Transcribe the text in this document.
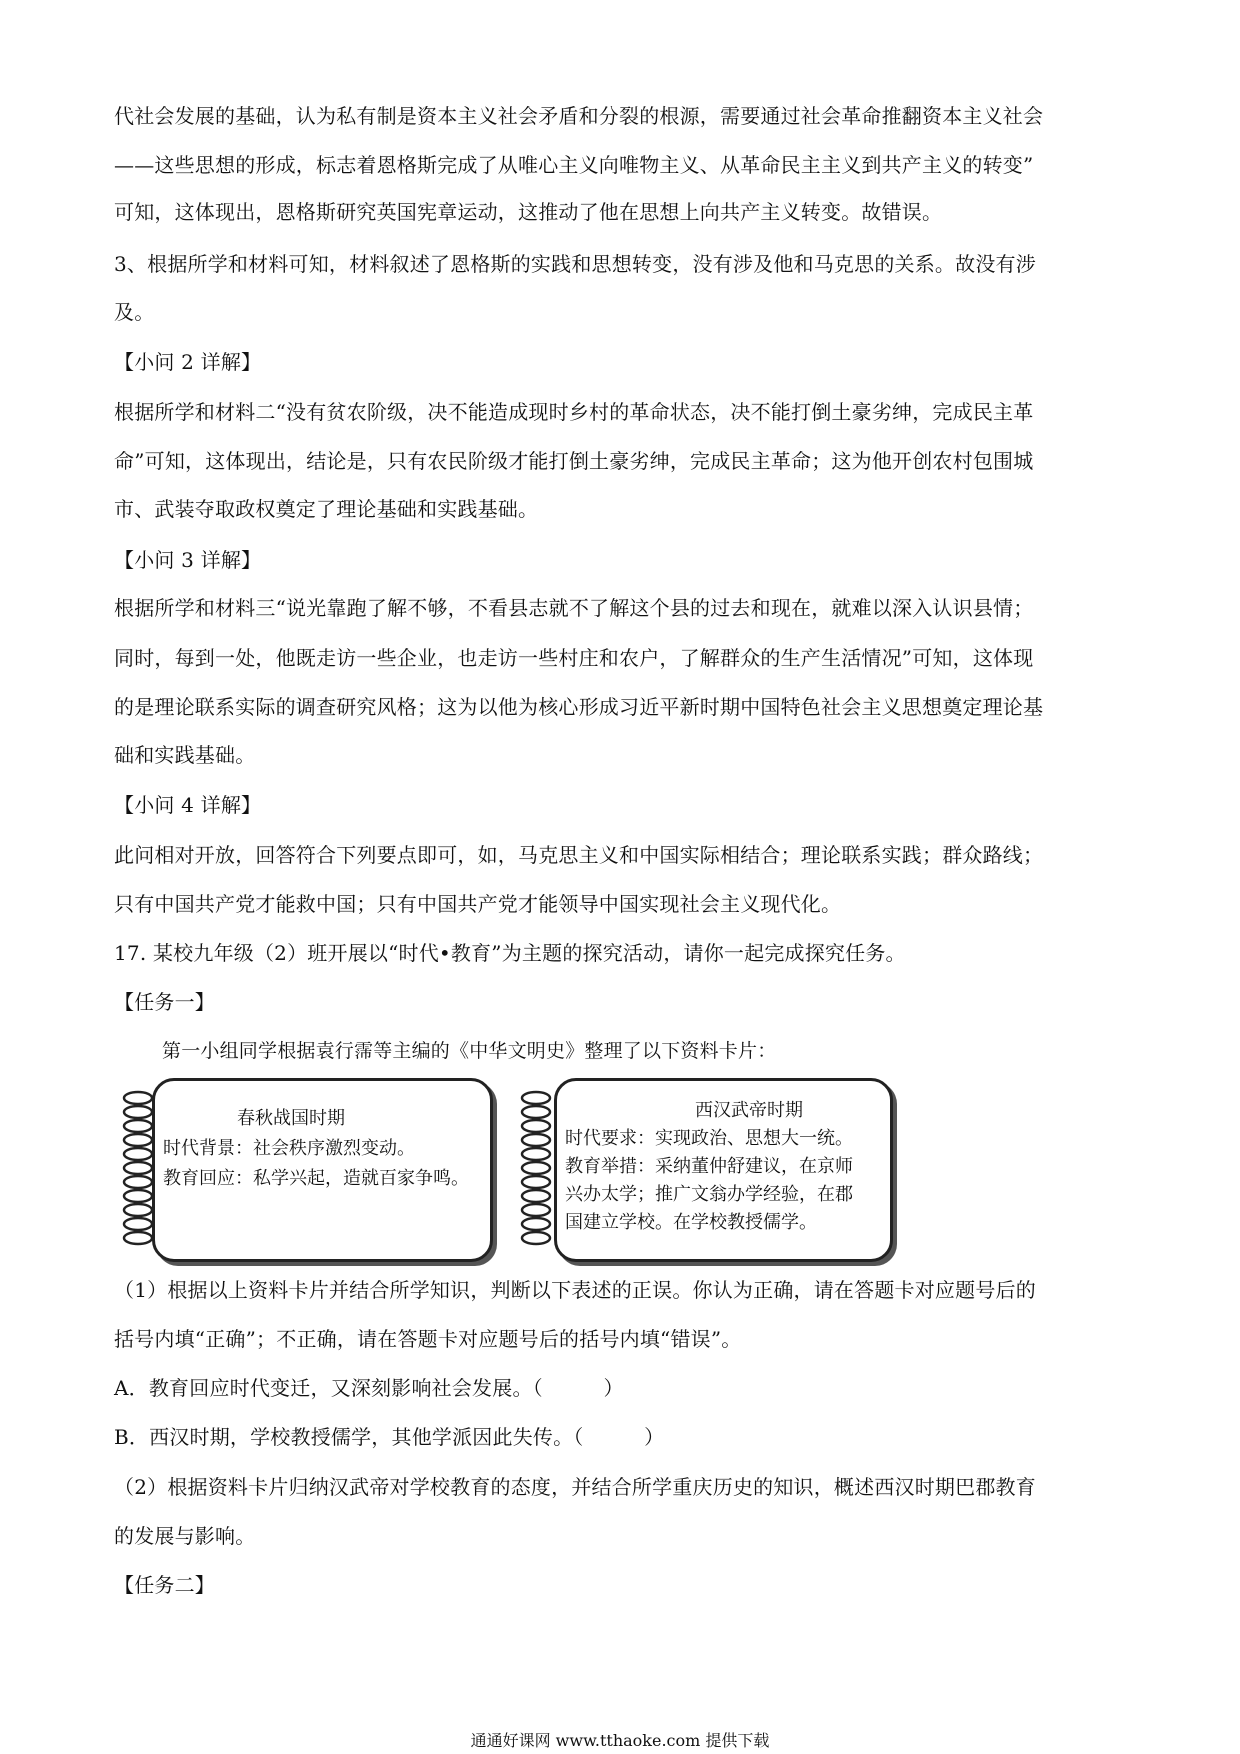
代社会发展的基础，认为私有制是资本主义社会矛盾和分裂的根源，需要通过社会革命推翻资本主义社会
——这些思想的形成，标志着恩格斯完成了从唯心主义向唯物主义、从革命民主主义到共产主义的转变”
可知，这体现出，恩格斯研究英国宪章运动，这推动了他在思想上向共产主义转变。故错误。
3、根据所学和材料可知，材料叙述了恩格斯的实践和思想转变，没有涉及他和马克思的关系。故没有涉
及。
【小问 2 详解】
根据所学和材料二“没有贫农阶级，决不能造成现时乡村的革命状态，决不能打倒土豪劣绅，完成民主革
命”可知，这体现出，结论是，只有农民阶级才能打倒土豪劣绅，完成民主革命；这为他开创农村包围城
市、武装夺取政权奠定了理论基础和实践基础。
【小问 3 详解】
根据所学和材料三“说光靠跑了解不够，不看县志就不了解这个县的过去和现在，就难以深入认识县情；
同时，每到一处，他既走访一些企业，也走访一些村庄和农户，了解群众的生产生活情况”可知，这体现
的是理论联系实际的调查研究风格；这为以他为核心形成习近平新时期中国特色社会主义思想奠定理论基
础和实践基础。
【小问 4 详解】
此问相对开放，回答符合下列要点即可，如，马克思主义和中国实际相结合；理论联系实践；群众路线；
只有中国共产党才能救中国；只有中国共产党才能领导中国实现社会主义现代化。
17. 某校九年级（2）班开展以“时代•教育”为主题的探究活动，请你一起完成探究任务。
【任务一】
第一小组同学根据袁行霈等主编的《中华文明史》整理了以下资料卡片：
春秋战国时期
时代背景：社会秩序激烈变动。
教育回应：私学兴起，造就百家争鸣。
西汉武帝时期
时代要求：实现政治、思想大一统。
教育举措：采纳董仲舒建议，在京师
兴办太学；推广文翁办学经验，在郡
国建立学校。在学校教授儒学。
（1）根据以上资料卡片并结合所学知识，判断以下表述的正误。你认为正确，请在答题卡对应题号后的
括号内填“正确”；不正确，请在答题卡对应题号后的括号内填“错误”。
A．教育回应时代变迁，又深刻影响社会发展。（　　　）
B．西汉时期，学校教授儒学，其他学派因此失传。（　　　）
（2）根据资料卡片归纳汉武帝对学校教育的态度，并结合所学重庆历史的知识，概述西汉时期巴郡教育
的发展与影响。
【任务二】
通通好课网 www.tthaoke.com 提供下载
